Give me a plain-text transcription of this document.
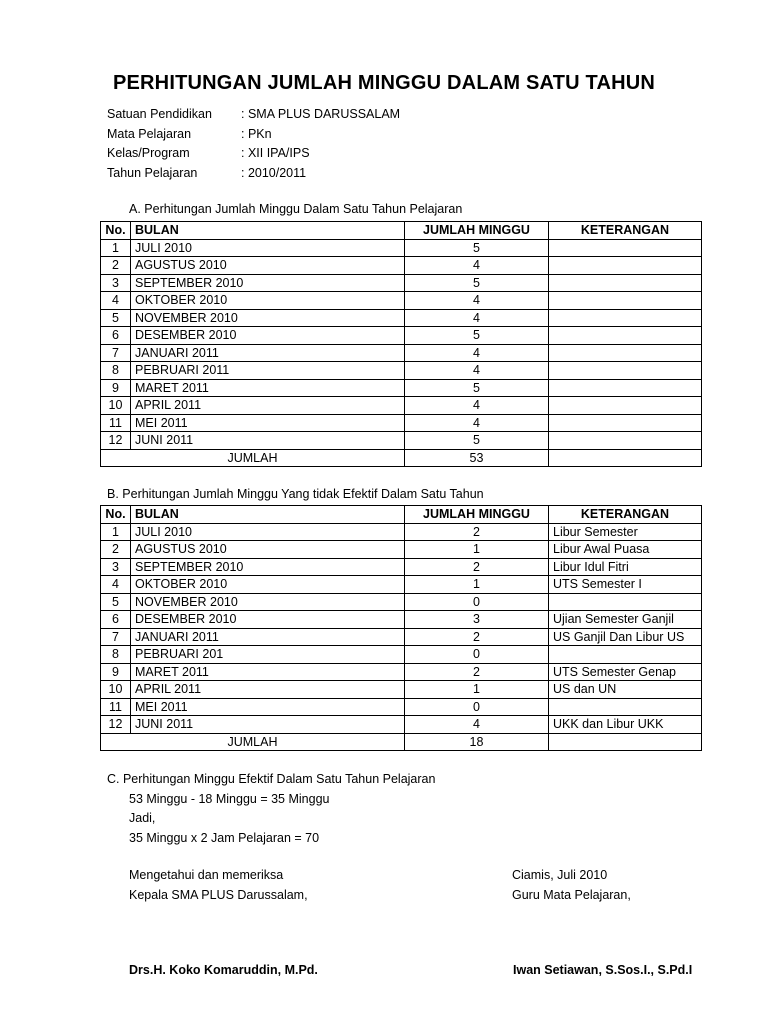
PERHITUNGAN JUMLAH MINGGU DALAM SATU TAHUN
Satuan Pendidikan : SMA PLUS DARUSSALAM
Mata Pelajaran	: PKn
Kelas/Program	: XII IPA/IPS
Tahun Pelajaran	: 2010/2011
A. Perhitungan Jumlah Minggu Dalam Satu Tahun Pelajaran
No.	BULAN	JUMLAH MINGGU	KETERANGAN
1	JULI 2010	5	
2	AGUSTUS 2010	4	
3	SEPTEMBER 2010	5	
4	OKTOBER 2010	4	
5	NOVEMBER 2010	4	
6	DESEMBER 2010	5	
7	JANUARI 2011	4	
8	PEBRUARI 2011	4	
9	MARET 2011	5	
10	APRIL 2011	4	
11	MEI 2011	4	
12	JUNI 2011	5	
JUMLAH		53	
B. Perhitungan Jumlah Minggu Yang tidak Efektif Dalam Satu Tahun
No.	BULAN	JUMLAH MINGGU	KETERANGAN
1	JULI 2010	2	Libur Semester
2	AGUSTUS 2010	1	Libur Awal Puasa
3	SEPTEMBER 2010	2	Libur Idul Fitri
4	OKTOBER 2010	1	UTS Semester I
5	NOVEMBER 2010	0	
6	DESEMBER 2010	3	Ujian Semester Ganjil
7	JANUARI 2011	2	US Ganjil Dan Libur US
8	PEBRUARI 201	0	
9	MARET 2011	2	UTS Semester Genap
10	APRIL 2011	1	US dan UN
11	MEI 2011	0	
12	JUNI 2011	4	UKK dan Libur UKK
JUMLAH		18	
C. Perhitungan Minggu Efektif Dalam Satu Tahun Pelajaran
53 Minggu - 18 Minggu = 35 Minggu
Jadi,
35 Minggu x 2 Jam Pelajaran = 70
Mengetahui dan memeriksa
Kepala SMA PLUS Darussalam,
Ciamis, Juli 2010
Guru Mata Pelajaran,
Drs.H. Koko Komaruddin, M.Pd.	Iwan Setiawan, S.Sos.I., S.Pd.I
